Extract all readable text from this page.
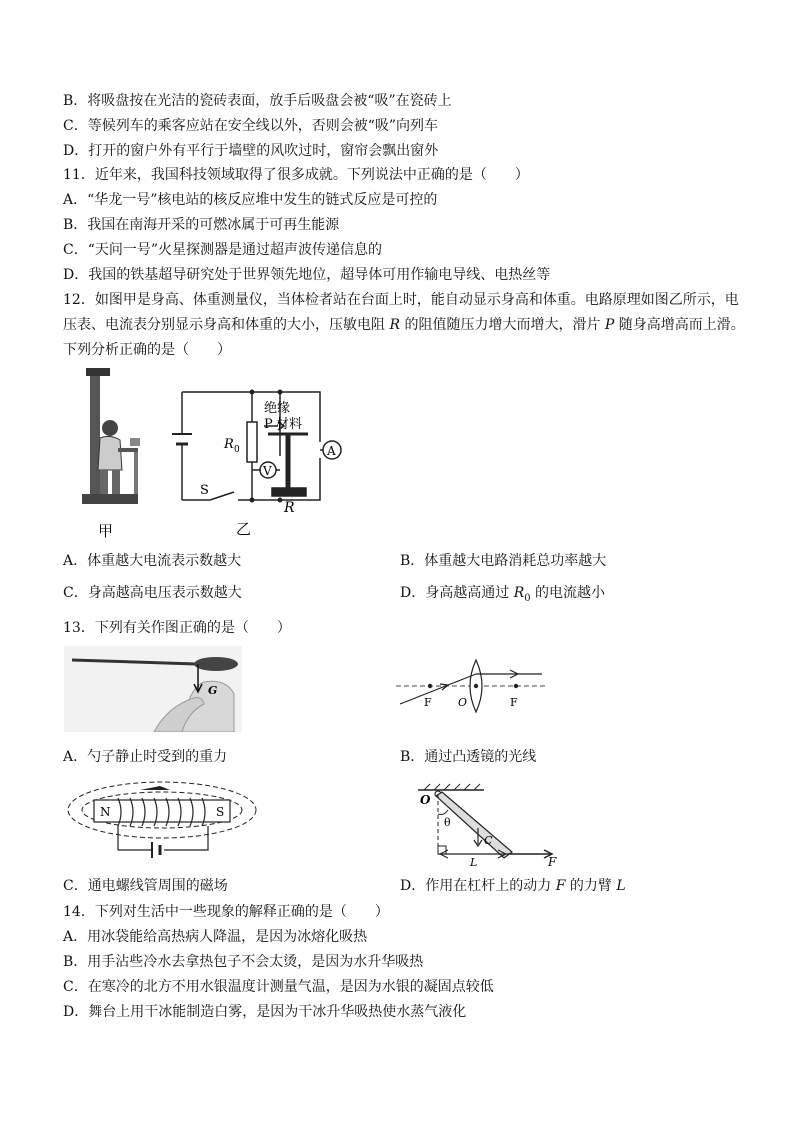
B．将吸盘按在光洁的瓷砖表面，放手后吸盘会被“吸”在瓷砖上
C．等候列车的乘客应站在安全线以外，否则会被“吸”向列车
D．打开的窗户外有平行于墙壁的风吹过时，窗帘会飘出窗外
11．近年来，我国科技领域取得了很多成就。下列说法中正确的是（　　）
A．“华龙一号”核电站的核反应堆中发生的链式反应是可控的
B．我国在南海开采的可燃冰属于可再生能源
C．“天问一号”火星探测器是通过超声波传递信息的
D．我国的铁基超导研究处于世界领先地位，超导体可用作输电导线、电热丝等
12．如图甲是身高、体重测量仪，当体检者站在台面上时，能自动显示身高和体重。电路原理如图乙所示，电
压表、电流表分别显示身高和体重的大小，压敏电阻 R 的阻值随压力增大而增大，滑片 P 随身高增高而上滑。
下列分析正确的是（　　）
甲
V
A
绝缘
P 材料
R 0
S
R
乙
A．体重越大电流表示数越大	B．体重越大电路消耗总功率越大
C．身高越高电压表示数越大	D．身高越高通过 $R_0$ 的电流越小
13．下列有关作图正确的是（　　）
G
F O	F
A．勺子静止时受到的重力	B．通过凸透镜的光线
N	S
O
θ
C
L	F
C．通电螺线管周围的磁场	D．作用在杠杆上的动力 F 的力臂 L
14．下列对生活中一些现象的解释正确的是（　　）
A．用冰袋能给高热病人降温，是因为冰熔化吸热
B．用手沾些冷水去拿热包子不会太烫，是因为水升华吸热
C．在寒冷的北方不用水银温度计测量气温，是因为水银的凝固点较低
D．舞台上用干冰能制造白雾，是因为干冰升华吸热使水蒸气液化
